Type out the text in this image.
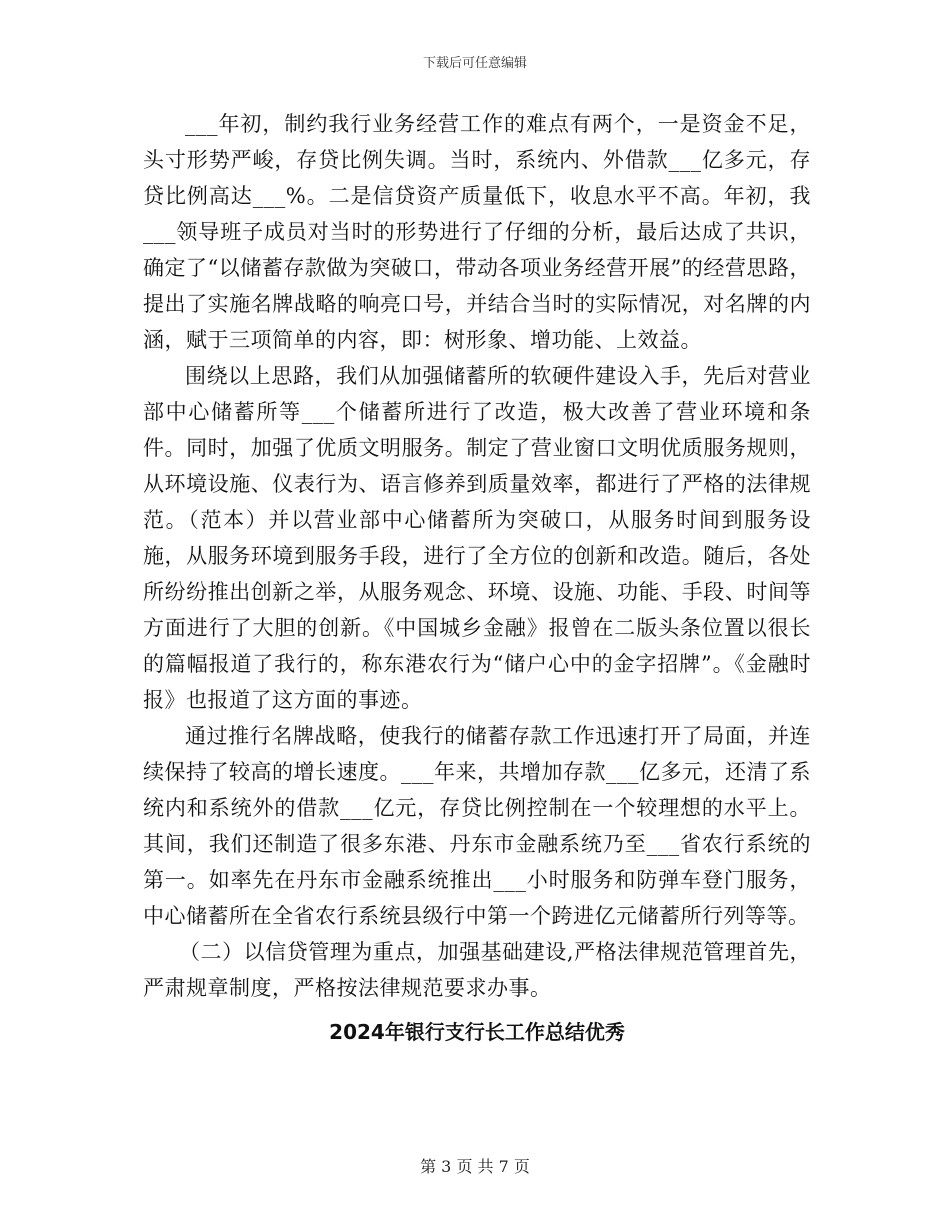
下载后可任意编辑

___年初，制约我行业务经营工作的难点有两个，一是资金不足，头寸形势严峻，存贷比例失调。当时，系统内、外借款___亿多元，存贷比例高达___%。二是信贷资产质量低下，收息水平不高。年初，我___领导班子成员对当时的形势进行了仔细的分析，最后达成了共识，确定了“以储蓄存款做为突破口，带动各项业务经营开展”的经营思路，提出了实施名牌战略的响亮口号，并结合当时的实际情况，对名牌的内涵，赋于三项简单的内容，即：树形象、增功能、上效益。

围绕以上思路，我们从加强储蓄所的软硬件建设入手，先后对营业部中心储蓄所等___个储蓄所进行了改造，极大改善了营业环境和条件。同时，加强了优质文明服务。制定了营业窗口文明优质服务规则，从环境设施、仪表行为、语言修养到质量效率，都进行了严格的法律规范。（范本）并以营业部中心储蓄所为突破口，从服务时间到服务设施，从服务环境到服务手段，进行了全方位的创新和改造。随后，各处所纷纷推出创新之举，从服务观念、环境、设施、功能、手段、时间等方面进行了大胆的创新。《中国城乡金融》报曾在二版头条位置以很长的篇幅报道了我行的，称东港农行为“储户心中的金字招牌”。《金融时报》也报道了这方面的事迹。

通过推行名牌战略，使我行的储蓄存款工作迅速打开了局面，并连续保持了较高的增长速度。___年来，共增加存款___亿多元，还清了系统内和系统外的借款___亿元，存贷比例控制在一个较理想的水平上。其间，我们还制造了很多东港、丹东市金融系统乃至___省农行系统的第一。如率先在丹东市金融系统推出___小时服务和防弹车登门服务，中心储蓄所在全省农行系统县级行中第一个跨进亿元储蓄所行列等等。

（二）以信贷管理为重点，加强基础建设,严格法律规范管理首先，严肃规章制度，严格按法律规范要求办事。

2024年银行支行长工作总结优秀
第 3 页 共 7 页
